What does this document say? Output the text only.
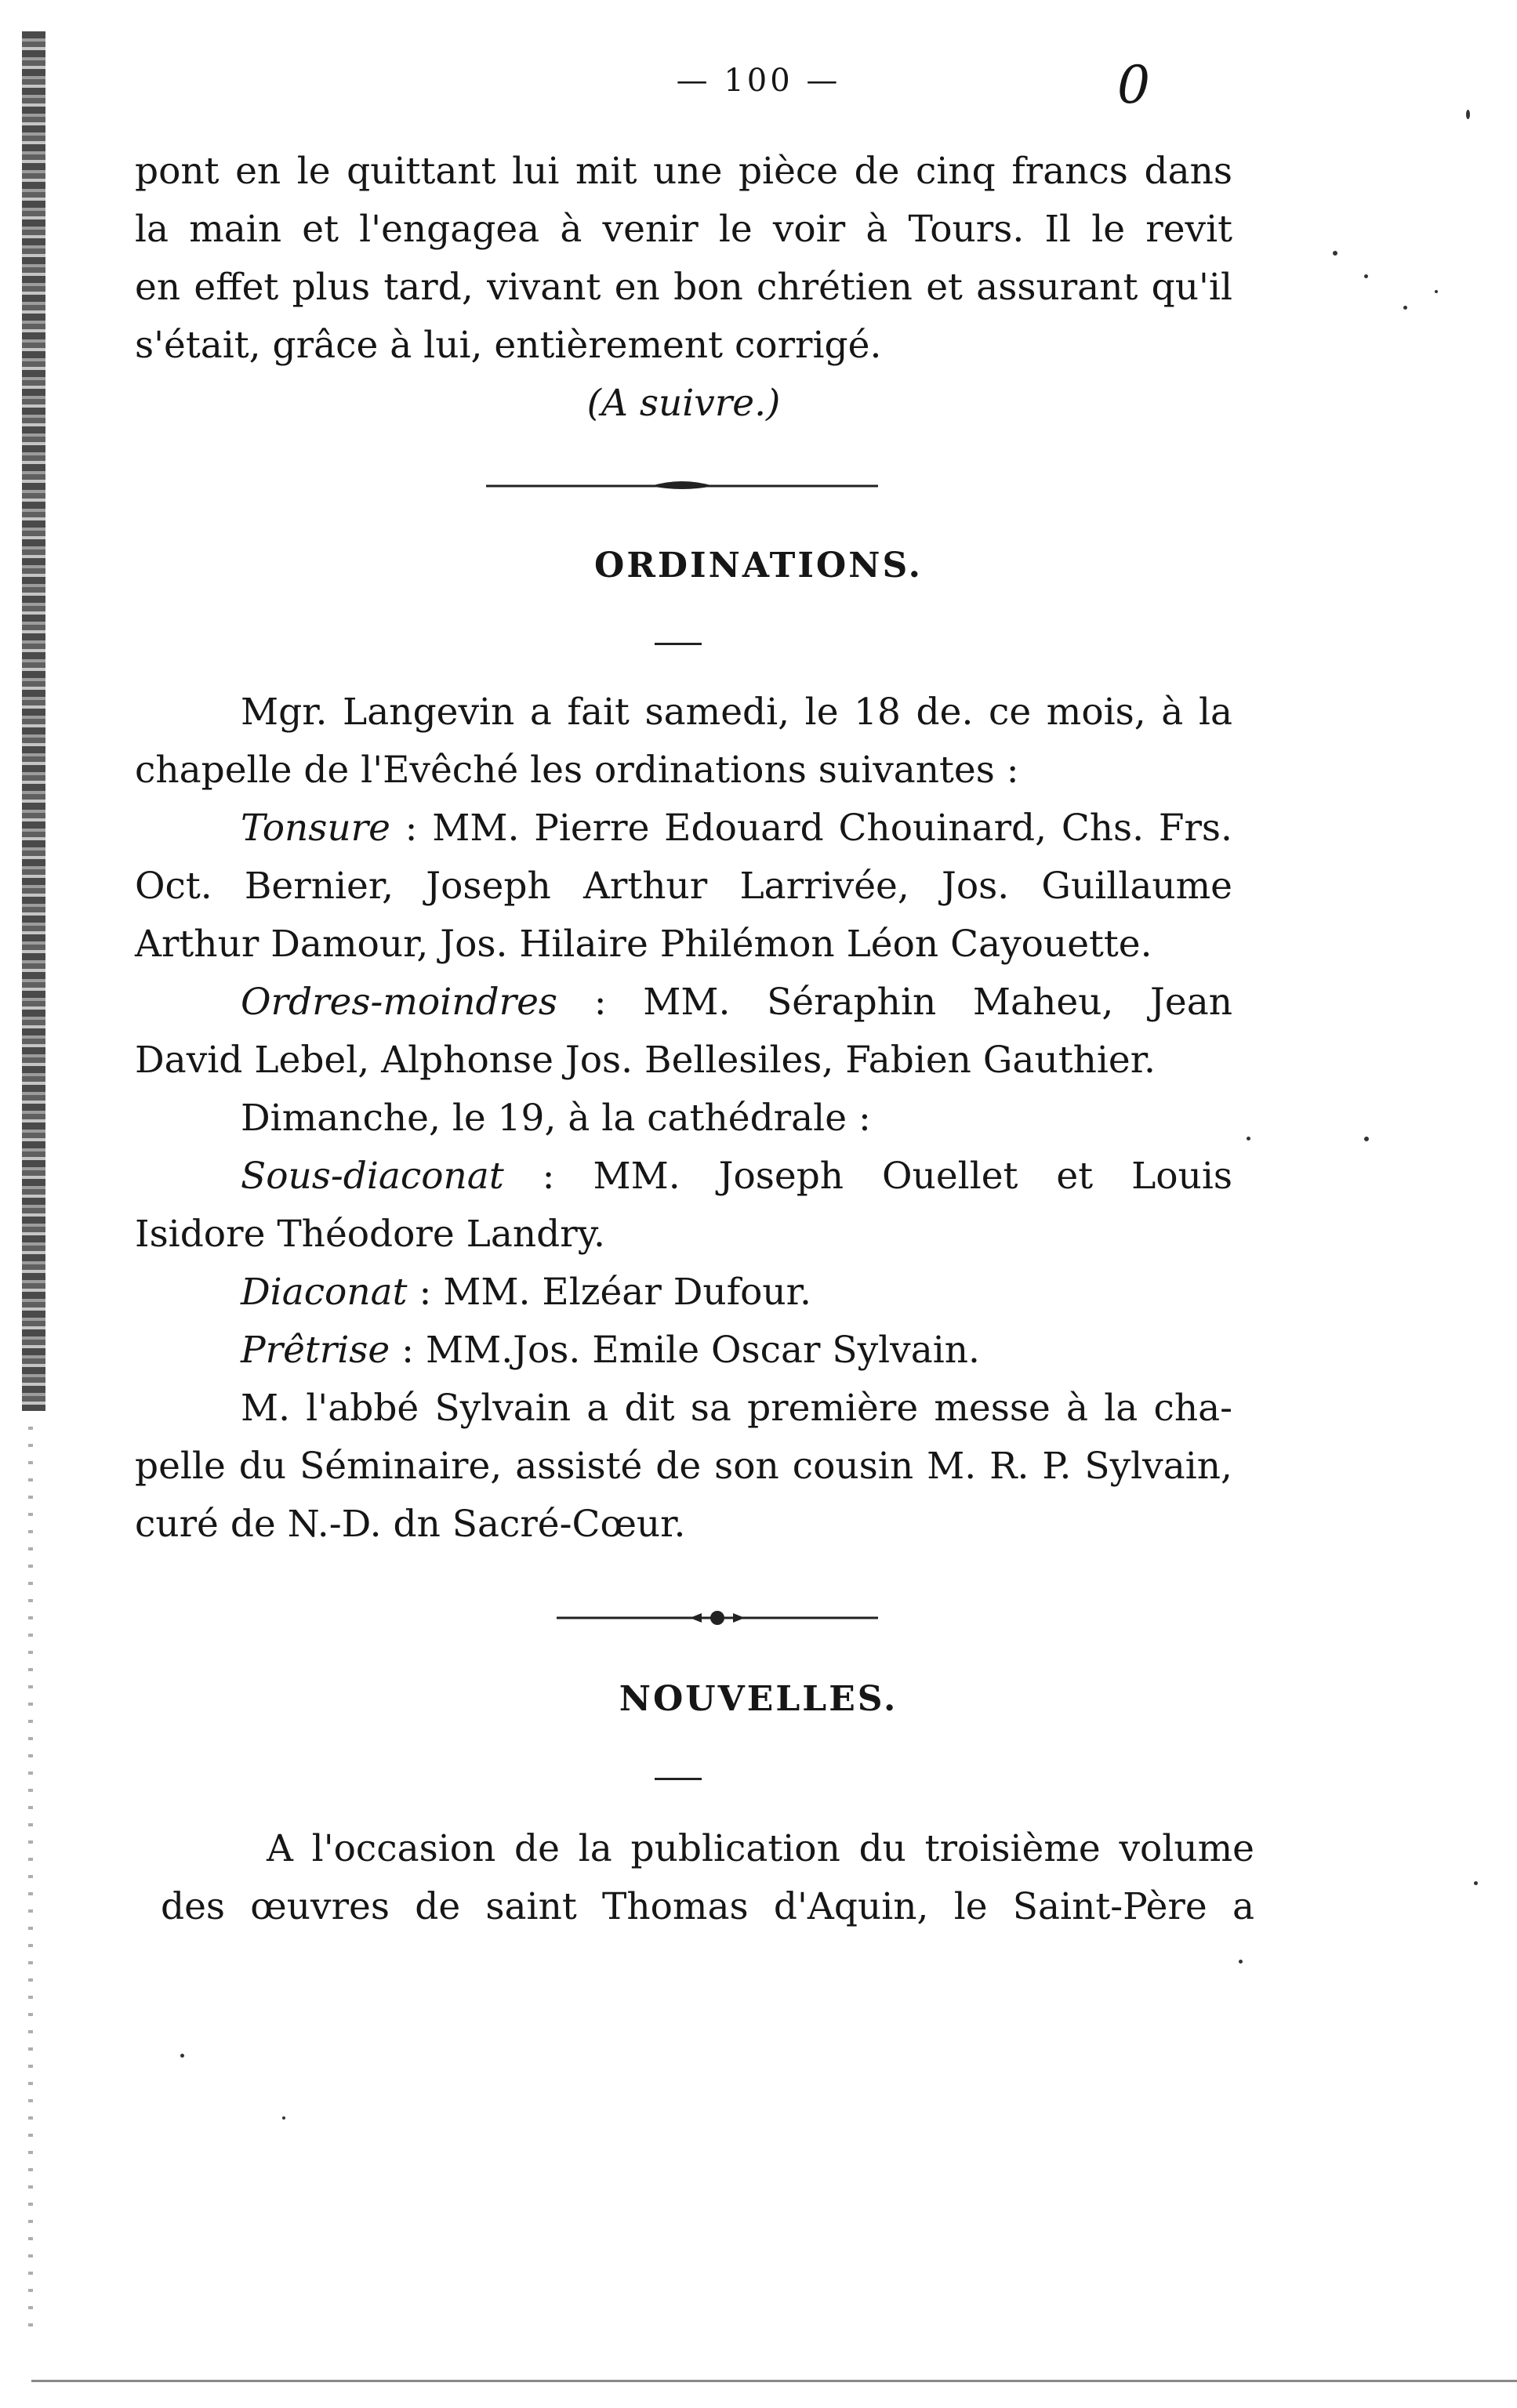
— 100 —	0
pont en le quittant lui mit une pièce de cinq francs dans
la main et l'engagea à venir le voir à Tours. Il le revit
en effet plus tard, vivant en bon chrétien et assurant qu'il
s'était, grâce à lui, entièrement corrigé.
(A suivre.)
ORDINATIONS.
Mgr. Langevin a fait samedi, le 18 de. ce mois, à la
chapelle de l'Evêché les ordinations suivantes :
Tonsure : MM. Pierre Edouard Chouinard, Chs. Frs.
Oct. Bernier, Joseph Arthur Larrivée, Jos. Guillaume
Arthur Damour, Jos. Hilaire Philémon Léon Cayouette.
Ordres-moindres : MM. Séraphin Maheu, Jean
David Lebel, Alphonse Jos. Bellesiles, Fabien Gauthier.
Dimanche, le 19, à la cathédrale :
Sous-diaconat : MM. Joseph Ouellet et Louis
Isidore Théodore Landry.
Diaconat : MM. Elzéar Dufour.
Prêtrise : MM.Jos. Emile Oscar Sylvain.
M. l'abbé Sylvain a dit sa première messe à la cha-
pelle du Séminaire, assisté de son cousin M. R. P. Sylvain,
curé de N.-D. dn Sacré-Cœur.
NOUVELLES.
A l'occasion de la publication du troisième volume
des œuvres de saint Thomas d'Aquin, le Saint-Père a
